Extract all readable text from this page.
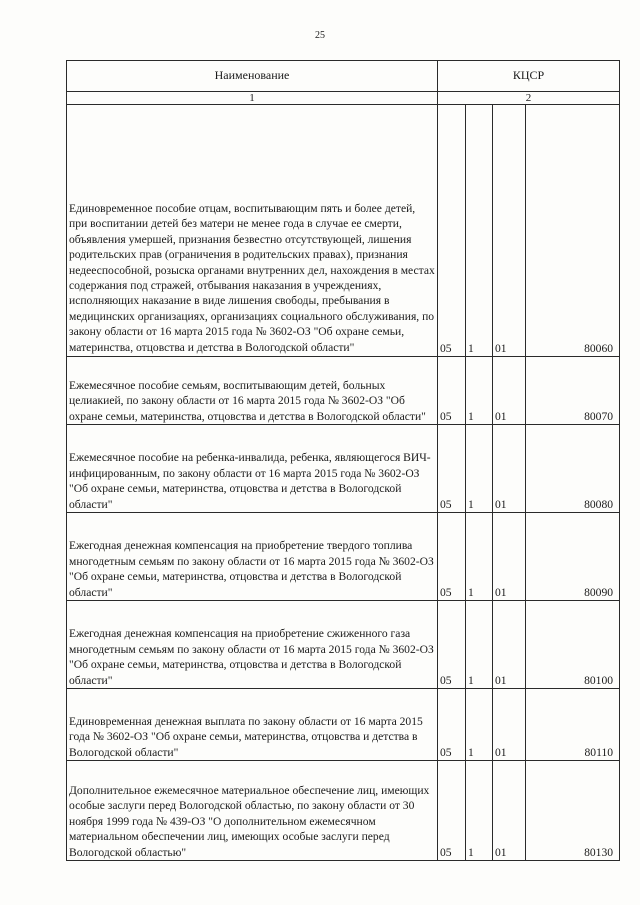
25
Наименование	КЦСР			
1	2			
Единовременное пособие отцам, воспитывающим пять и более детей, при воспитании детей без матери не менее года в случае ее смерти, объявления умершей, признания безвестно отсутствующей, лишения родительских прав (ограничения в родительских правах), признания недееспособной, розыска органами внутренних дел, нахождения в местах содержания под стражей, отбывания наказания в учреждениях, исполняющих наказание в виде лишения свободы, пребывания в медицинских организациях, организациях социального обслуживания, по закону области от 16 марта 2015 года № 3602-ОЗ "Об охране семьи, материнства, отцовства и детства в Вологодской области"	05	1	01	80060
Ежемесячное пособие семьям, воспитывающим детей, больных целиакией, по закону области от 16 марта 2015 года № 3602-ОЗ "Об охране семьи, материнства, отцовства и детства в Вологодской области"	05	1	01	80070
Ежемесячное пособие на ребенка-инвалида, ребенка, являющегося ВИЧ-инфицированным, по закону области от 16 марта 2015 года № 3602-ОЗ "Об охране семьи, материнства, отцовства и детства в Вологодской области"	05	1	01	80080
Ежегодная денежная компенсация на приобретение твердого топлива многодетным семьям по закону области от 16 марта 2015 года № 3602-ОЗ "Об охране семьи, материнства, отцовства и детства в Вологодской области"	05	1	01	80090
Ежегодная денежная компенсация на приобретение сжиженного газа многодетным семьям по закону области от 16 марта 2015 года № 3602-ОЗ "Об охране семьи, материнства, отцовства и детства в Вологодской области"	05	1	01	80100
Единовременная денежная выплата по закону области от 16 марта 2015 года № 3602-ОЗ "Об охране семьи, материнства, отцовства и детства в Вологодской области"	05	1	01	80110
Дополнительное ежемесячное материальное обеспечение лиц, имеющих особые заслуги перед Вологодской областью, по закону области от 30 ноября 1999 года № 439-ОЗ "О дополнительном ежемесячном материальном обеспечении лиц, имеющих особые заслуги перед Вологодской областью"	05	1	01	80130
